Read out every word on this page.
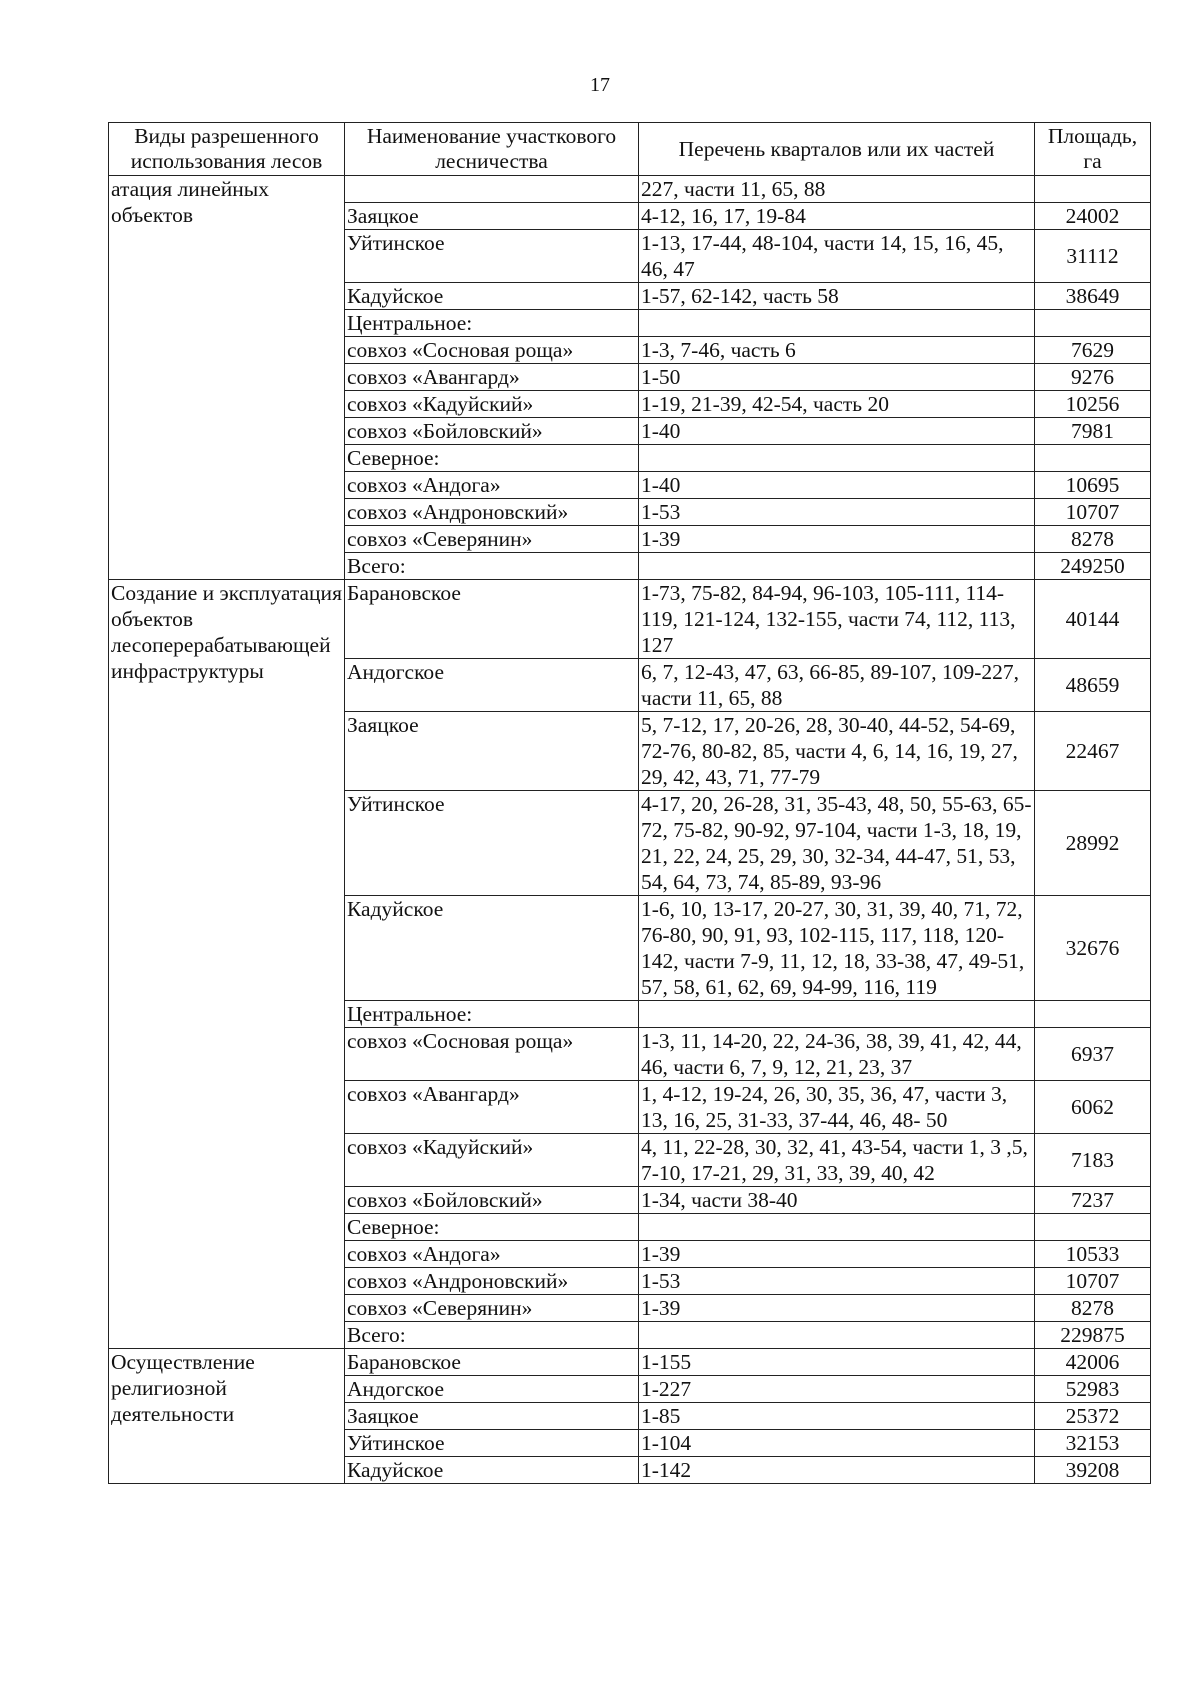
17
Виды разрешенного использования лесов	Наименование участкового лесничества	Перечень кварталов или их частей	Площадь, га
атация линейных объектов		227, части 11, 65, 88	
	Заяцкое	4-12, 16, 17, 19-84	24002
	Уйтинское	1-13, 17-44, 48-104, части 14, 15, 16, 45, 46, 47	31112
	Кадуйское	1-57, 62-142, часть 58	38649
	Центральное:		
	совхоз «Сосновая роща»	1-3, 7-46, часть 6	7629
	совхоз «Авангард»	1-50	9276
	совхоз «Кадуйский»	1-19, 21-39, 42-54, часть 20	10256
	совхоз «Бойловский»	1-40	7981
	Северное:		
	совхоз «Андога»	1-40	10695
	совхоз «Андроновский»	1-53	10707
	совхоз «Северянин»	1-39	8278
	Всего:		249250
Создание и эксплуатация объектов лесоперерабатывающей инфраструктуры	Барановское	1-73, 75-82, 84-94, 96-103, 105-111, 114-119, 121-124, 132-155, части 74, 112, 113, 127	40144
	Андогское	6, 7, 12-43, 47, 63, 66-85, 89-107, 109-227, части 11, 65, 88	48659
	Заяцкое	5, 7-12, 17, 20-26, 28, 30-40, 44-52, 54-69, 72-76, 80-82, 85, части 4, 6, 14, 16, 19, 27, 29, 42, 43, 71, 77-79	22467
	Уйтинское	4-17, 20, 26-28, 31, 35-43, 48, 50, 55-63, 65-72, 75-82, 90-92, 97-104, части 1-3, 18, 19, 21, 22, 24, 25, 29, 30, 32-34, 44-47, 51, 53, 54, 64, 73, 74, 85-89, 93-96	28992
	Кадуйское	1-6, 10, 13-17, 20-27, 30, 31, 39, 40, 71, 72, 76-80, 90, 91, 93, 102-115, 117, 118, 120-142, части 7-9, 11, 12, 18, 33-38, 47, 49-51, 57, 58, 61, 62, 69, 94-99, 116, 119	32676
	Центральное:		
	совхоз «Сосновая роща»	1-3, 11, 14-20, 22, 24-36, 38, 39, 41, 42, 44, 46, части 6, 7, 9, 12, 21, 23, 37	6937
	совхоз «Авангард»	1, 4-12, 19-24, 26, 30, 35, 36, 47, части 3, 13, 16, 25, 31-33, 37-44, 46, 48- 50	6062
	совхоз «Кадуйский»	4, 11, 22-28, 30, 32, 41, 43-54, части 1, 3 ,5, 7-10, 17-21, 29, 31, 33, 39, 40, 42	7183
	совхоз «Бойловский»	1-34, части 38-40	7237
	Северное:		
	совхоз «Андога»	1-39	10533
	совхоз «Андроновский»	1-53	10707
	совхоз «Северянин»	1-39	8278
	Всего:		229875
Осуществление религиозной деятельности	Барановское	1-155	42006
	Андогское	1-227	52983
	Заяцкое	1-85	25372
	Уйтинское	1-104	32153
	Кадуйское	1-142	39208
